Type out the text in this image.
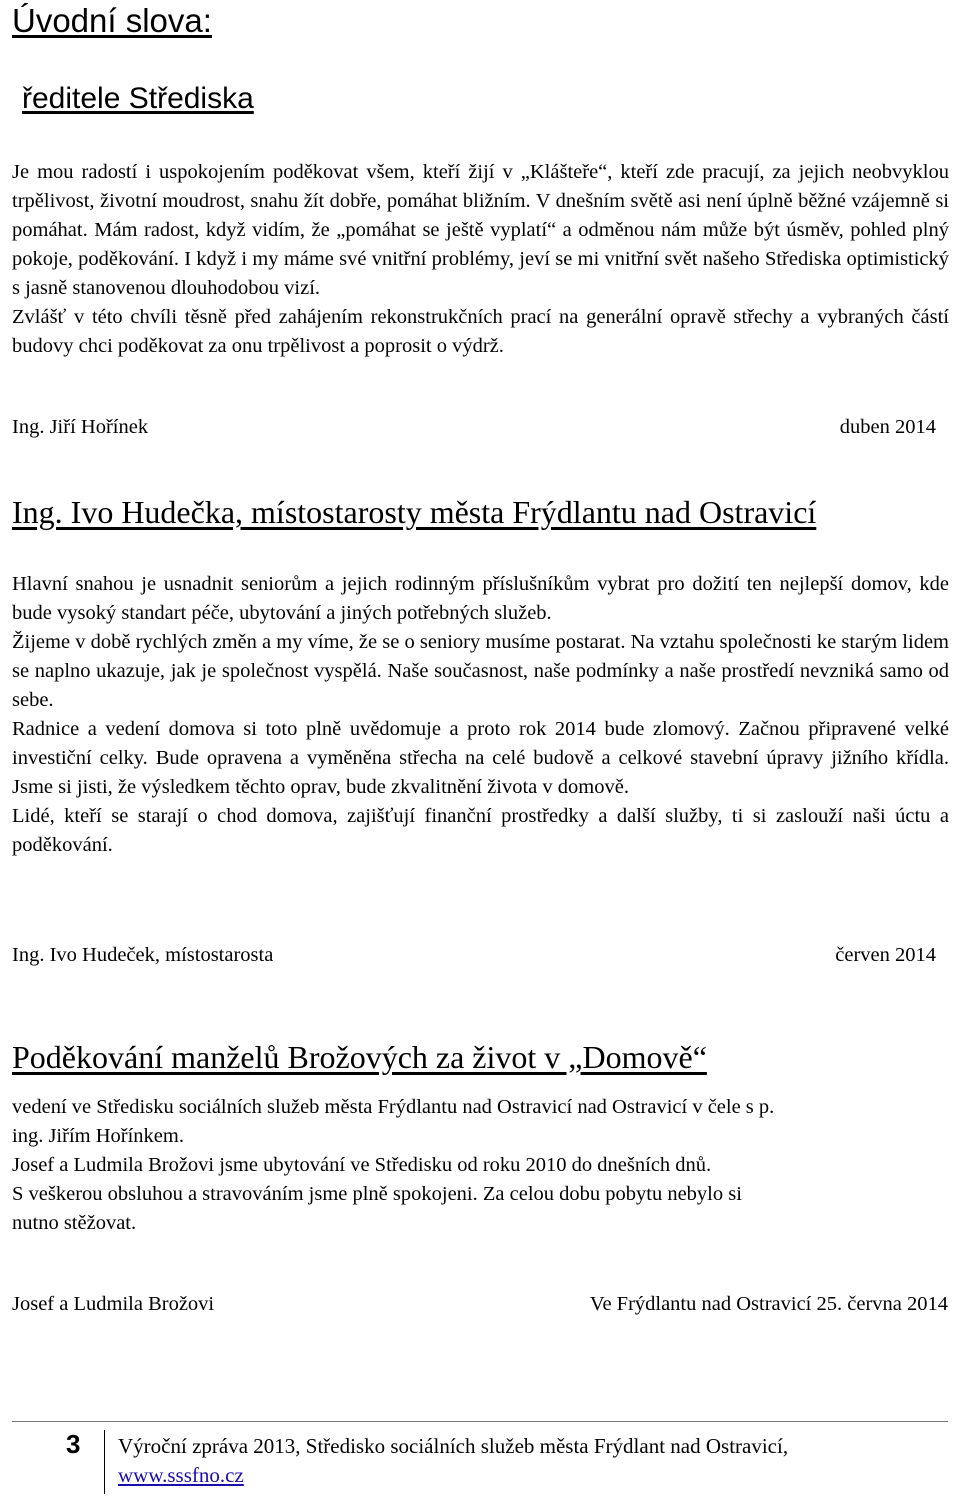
Úvodní slova:
ředitele Střediska

Je mou radostí i uspokojením poděkovat všem, kteří žijí v „Klášteře“, kteří zde pracují, za jejich neobvyklou trpělivost, životní moudrost, snahu žít dobře, pomáhat bližním. V dnešním světě asi není úplně běžné vzájemně si pomáhat. Mám radost, když vidím, že „pomáhat se ještě vyplatí“ a odměnou nám může být úsměv, pohled plný pokoje, poděkování. I když i my máme své vnitřní problémy, jeví se mi vnitřní svět našeho Střediska optimistický s jasně stanovenou dlouhodobou vizí.

Zvlášť v této chvíli těsně před zahájením rekonstrukčních prací na generální opravě střechy a vybraných částí budovy chci poděkovat za onu trpělivost a poprosit o výdrž.

Ing. Jiří Hořínek	duben 2014
Ing. Ivo Hudečka, místostarosty města Frýdlantu nad Ostravicí

Hlavní snahou je usnadnit seniorům a jejich rodinným příslušníkům vybrat pro dožití ten nejlepší domov, kde bude vysoký standart péče, ubytování a jiných potřebných služeb.

Žijeme v době rychlých změn a my víme, že se o seniory musíme postarat. Na vztahu společnosti ke starým lidem se naplno ukazuje, jak je společnost vyspělá. Naše současnost, naše podmínky a naše prostředí nevzniká samo od sebe.

Radnice a vedení domova si toto plně uvědomuje a proto rok 2014 bude zlomový. Začnou připravené velké investiční celky. Bude opravena a vyměněna střecha na celé budově a celkové stavební úpravy jižního křídla. Jsme si jisti, že výsledkem těchto oprav, bude zkvalitnění života v domově.

Lidé, kteří se starají o chod domova, zajišťují finanční prostředky a další služby, ti si zaslouží naši úctu a poděkování.

Ing. Ivo Hudeček, místostarosta	červen 2014
Poděkování manželů Brožových za život v „Domově“
vedení ve Středisku sociálních služeb města Frýdlantu nad Ostravicí nad Ostravicí v čele s p.
ing. Jiřím Hořínkem.
Josef a Ludmila Brožovi jsme ubytování ve Středisku od roku 2010 do dnešních dnů.
S veškerou obsluhou a stravováním jsme plně spokojeni. Za celou dobu pobytu nebylo si
nutno stěžovat.
Josef a Ludmila Brožovi	Ve Frýdlantu nad Ostravicí 25. června 2014
3 Výroční zpráva 2013, Středisko sociálních služeb města Frýdlant nad Ostravicí,
www.sssfno.cz
